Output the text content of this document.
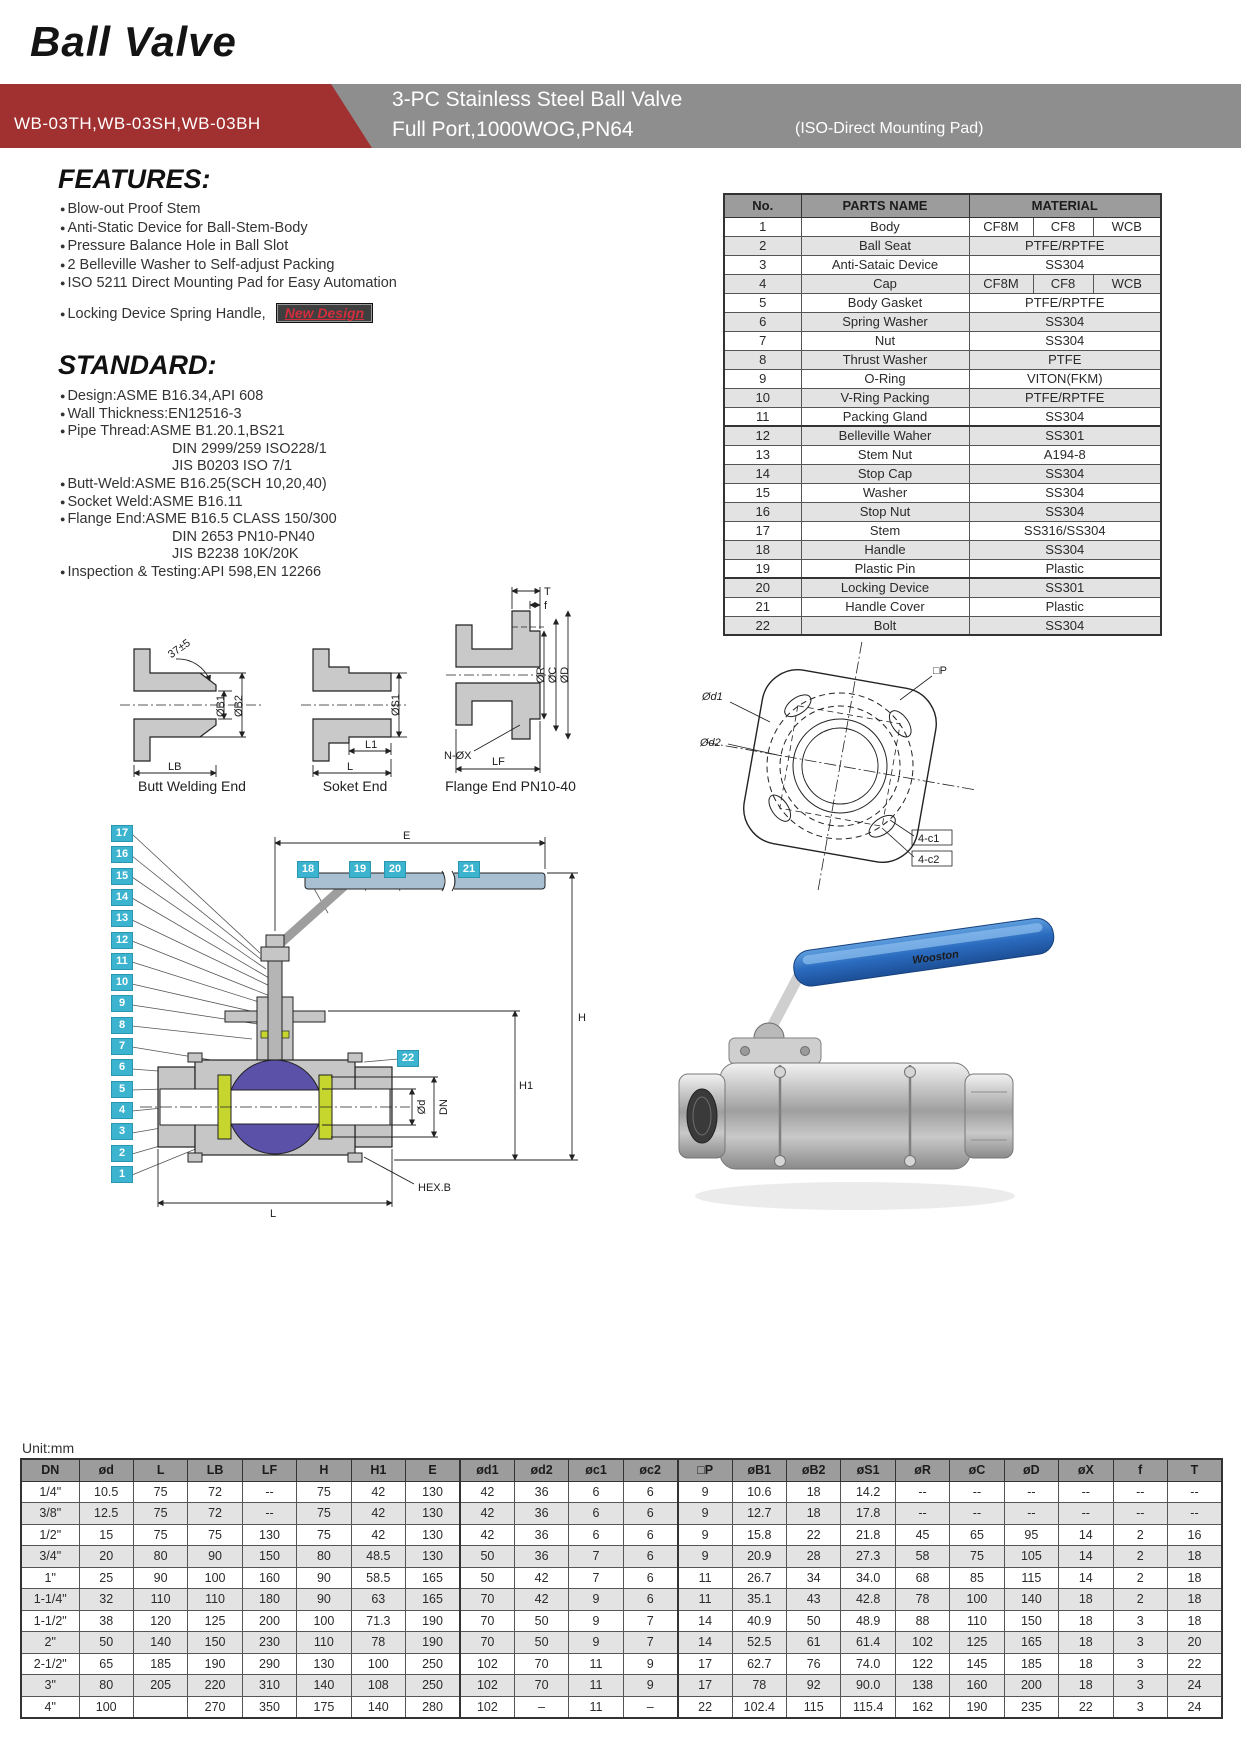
Ball Valve
WB-03TH,WB-03SH,WB-03BH
3-PC Stainless Steel Ball Valve
Full Port,1000WOG,PN64	(ISO-Direct Mounting Pad)
FEATURES:
● Blow-out Proof Stem
● Anti-Static Device for Ball-Stem-Body
● Pressure Balance Hole in Ball Slot
● 2 Belleville Washer to Self-adjust Packing
● ISO 5211 Direct Mounting Pad for Easy Automation
● Locking Device Spring Handle, New Design
STANDARD:
● Design:ASME B16.34,API 608
● Wall Thickness:EN12516-3
● Pipe Thread:ASME B1.20.1,BS21
DIN 2999/259 ISO228/1
JIS B0203 ISO 7/1
● Butt-Weld:ASME B16.25(SCH 10,20,40)
● Socket Weld:ASME B16.11
● Flange End:ASME B16.5 CLASS 150/300
DIN 2653 PN10-PN40
JIS B2238 10K/20K
● Inspection & Testing:API 598,EN 12266
No.	PARTS NAME	MATERIAL		
1	Body	CF8M	CF8	WCB
2	Ball Seat	PTFE/RPTFE		
3	Anti-Sataic Device	SS304		
4	Cap	CF8M	CF8	WCB
5	Body Gasket	PTFE/RPTFE		
6	Spring Washer	SS304		
7	Nut	SS304		
8	Thrust Washer	PTFE		
9	O-Ring	VITON(FKM)		
10	V-Ring Packing	PTFE/RPTFE		
11	Packing Gland	SS304		
12	Belleville Waher	SS301		
13	Stem Nut	A194-8		
14	Stop Cap	SS304		
15	Washer	SS304		
16	Stop Nut	SS304		
17	Stem	SS316/SS304		
18	Handle	SS304		
19	Plastic Pin	Plastic		
20	Locking Device	SS301		
21	Handle Cover	Plastic		
22	Bolt	SS304		
37±5
ØB1 ØB2
LB
ØS1
L1
L
T
f
ØR ØC ØD
N-ØX LF
Butt Welding End	Soket End	Flange End PN10-40
E
H
H1
Ød DN
L
HEX.B
Ød1
Ød2
□P
4-c1
4-c2
Wooston
17
16
15
14
13
12
11
10
9
8
7
6
5
4
3
2
1
18	19	20	21
22
Unit:mm
DN	ød	L	LB	LF	H	H1	E	ød1	ød2	øc1	øc2	□P	øB1	øB2	øS1	øR	øC	øD	øX	f	T
1/4"	10.5	75	72	--	75	42	130	42	36	6	6	9	10.6	18	14.2	--	--	--	--	--	--
3/8"	12.5	75	72	--	75	42	130	42	36	6	6	9	12.7	18	17.8	--	--	--	--	--	--
1/2"	15	75	75	130	75	42	130	42	36	6	6	9	15.8	22	21.8	45	65	95	14	2	16
3/4"	20	80	90	150	80	48.5	130	50	36	7	6	9	20.9	28	27.3	58	75	105	14	2	18
1"	25	90	100	160	90	58.5	165	50	42	7	6	11	26.7	34	34.0	68	85	115	14	2	18
1-1/4"	32	110	110	180	90	63	165	70	42	9	6	11	35.1	43	42.8	78	100	140	18	2	18
1-1/2"	38	120	125	200	100	71.3	190	70	50	9	7	14	40.9	50	48.9	88	110	150	18	3	18
2"	50	140	150	230	110	78	190	70	50	9	7	14	52.5	61	61.4	102	125	165	18	3	20
2-1/2"	65	185	190	290	130	100	250	102	70	11	9	17	62.7	76	74.0	122	145	185	18	3	22
3"	80	205	220	310	140	108	250	102	70	11	9	17	78	92	90.0	138	160	200	18	3	24
4"	100		270	350	175	140	280	102	–	11	–	22	102.4	115	115.4	162	190	235	22	3	24
